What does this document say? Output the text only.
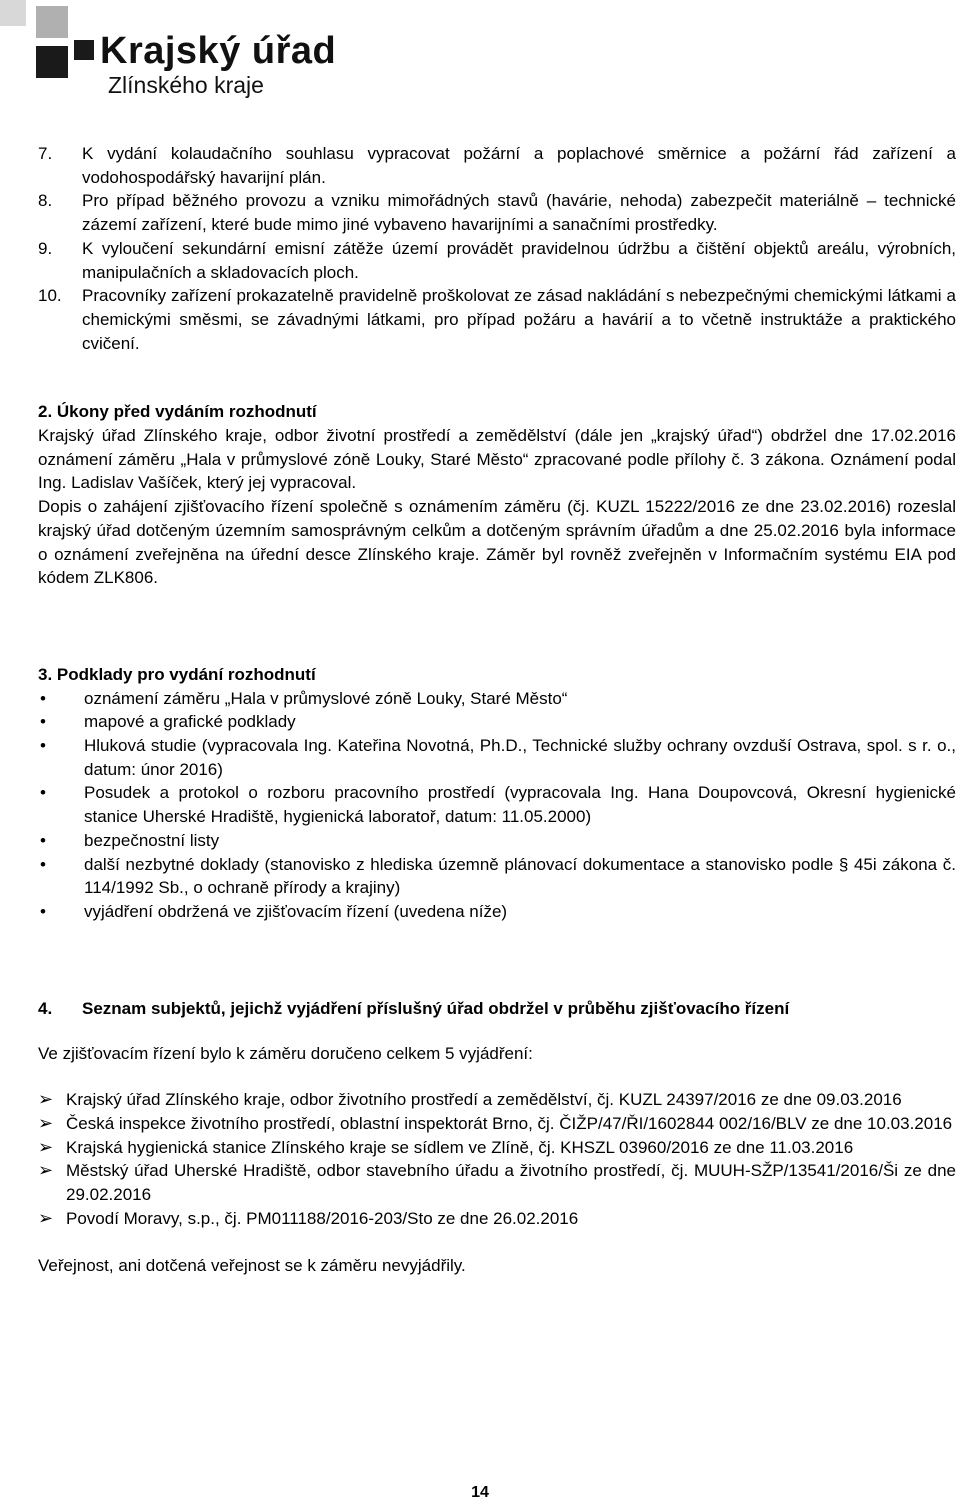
Krajský úřad
Zlínského kraje
7.	K vydání kolaudačního souhlasu vypracovat požární a poplachové směrnice a požární řád zařízení a vodohospodářský havarijní plán.
8.	Pro případ běžného provozu a vzniku mimořádných stavů (havárie, nehoda) zabezpečit materiálně – technické zázemí zařízení, které bude mimo jiné vybaveno havarijními a sanačními prostředky.
9.	K vyloučení sekundární emisní zátěže území provádět pravidelnou údržbu a čištění objektů areálu, výrobních, manipulačních a skladovacích ploch.
10.	Pracovníky zařízení prokazatelně pravidelně proškolovat ze zásad nakládání s nebezpečnými chemickými látkami a chemickými směsmi, se závadnými látkami, pro případ požáru a havárií a to včetně instruktáže a praktického cvičení.

2. Úkony před vydáním rozhodnutí

Krajský úřad Zlínského kraje, odbor životní prostředí a zemědělství (dále jen „krajský úřad“) obdržel dne 17.02.2016 oznámení záměru „Hala v průmyslové zóně Louky, Staré Město“ zpracované podle přílohy č. 3 zákona. Oznámení podal Ing. Ladislav Vašíček, který jej vypracoval.

Dopis o zahájení zjišťovacího řízení společně s oznámením záměru (čj. KUZL 15222/2016 ze dne 23.02.2016) rozeslal krajský úřad dotčeným územním samosprávným celkům a dotčeným správním úřadům a dne 25.02.2016 byla informace o oznámení zveřejněna na úřední desce Zlínského kraje. Záměr byl rovněž zveřejněn v Informačním systému EIA pod kódem ZLK806.

3. Podklady pro vydání rozhodnutí

•	oznámení záměru „Hala v průmyslové zóně Louky, Staré Město“
•	mapové a grafické podklady
•	Hluková studie (vypracovala Ing. Kateřina Novotná, Ph.D., Technické služby ochrany ovzduší Ostrava, spol. s r. o., datum: únor 2016)
•	Posudek a protokol o rozboru pracovního prostředí (vypracovala Ing. Hana Doupovcová, Okresní hygienické stanice Uherské Hradiště, hygienická laboratoř, datum: 11.05.2000)
•	bezpečnostní listy
•	další nezbytné doklady (stanovisko z hlediska územně plánovací dokumentace a stanovisko podle § 45i zákona č. 114/1992 Sb., o ochraně přírody a krajiny)
•	vyjádření obdržená ve zjišťovacím řízení (uvedena níže)
4.	Seznam subjektů, jejichž vyjádření příslušný úřad obdržel v průběhu zjišťovacího řízení

Ve zjišťovacím řízení bylo k záměru doručeno celkem 5 vyjádření:

➢ Krajský úřad Zlínského kraje, odbor životního prostředí a zemědělství, čj. KUZL 24397/2016 ze dne 09.03.2016
➢ Česká inspekce životního prostředí, oblastní inspektorát Brno, čj. ČIŽP/47/ŘI/1602844 002/16/BLV ze dne 10.03.2016
➢ Krajská hygienická stanice Zlínského kraje se sídlem ve Zlíně, čj. KHSZL 03960/2016 ze dne 11.03.2016
➢ Městský úřad Uherské Hradiště, odbor stavebního úřadu a životního prostředí, čj. MUUH-SŽP/13541/2016/Ši ze dne 29.02.2016
➢ Povodí Moravy, s.p., čj. PM011188/2016-203/Sto ze dne 26.02.2016

Veřejnost, ani dotčená veřejnost se k záměru nevyjádřily.

14
